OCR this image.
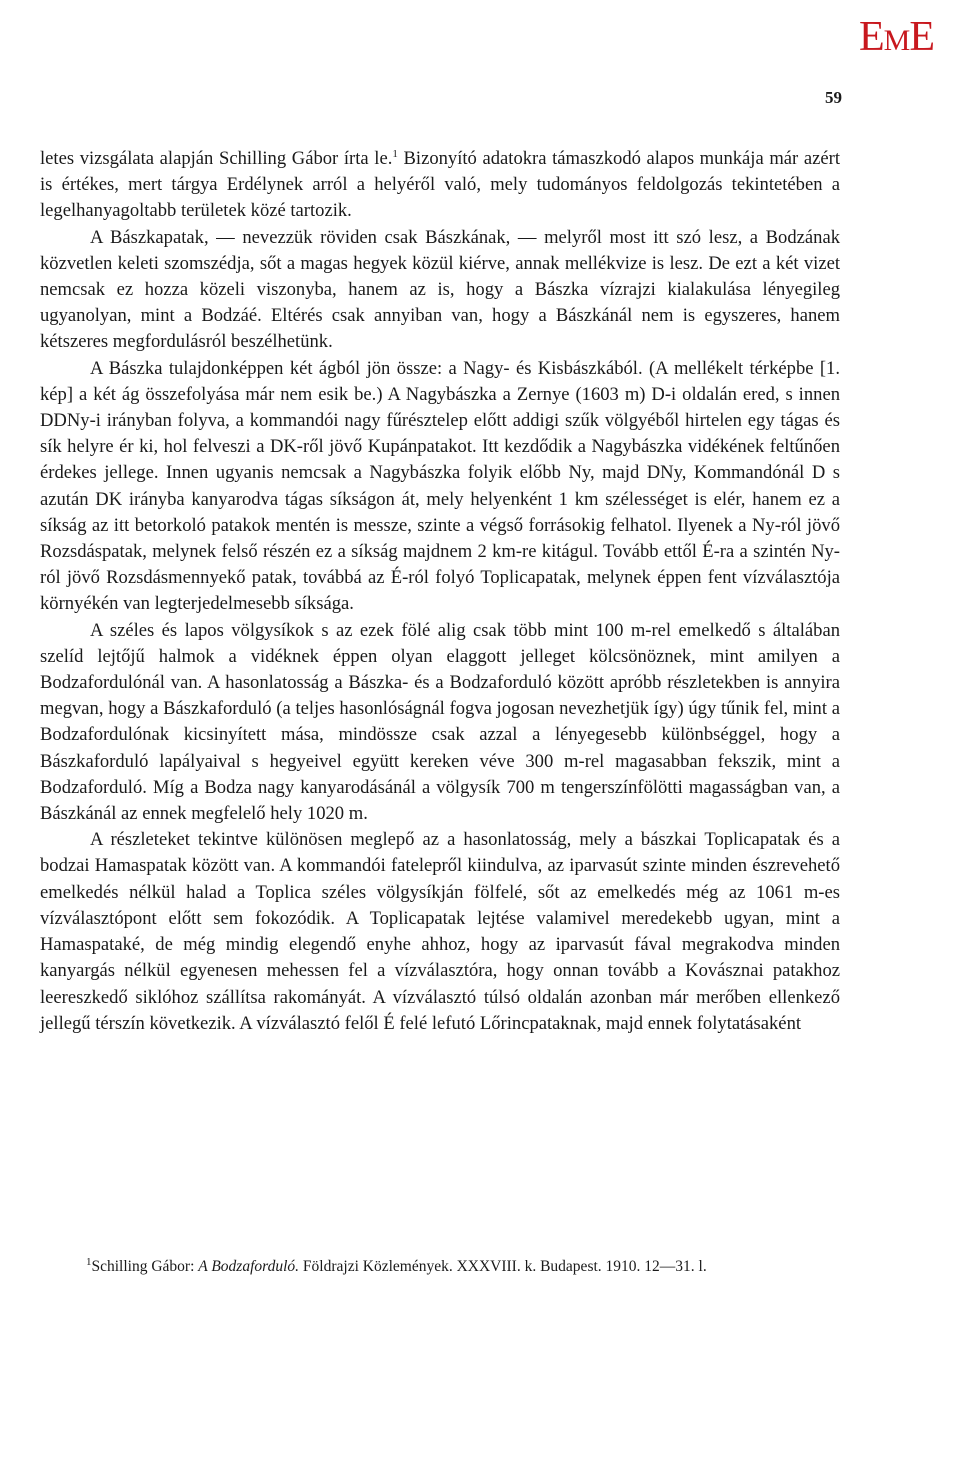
EME
59

letes vizsgálata alapján Schilling Gábor írta le.$^1$ Bizonyító adatokra támaszkodó alapos munkája már azért is értékes, mert tárgya Erdélynek arról a helyéről való, mely tudományos feldolgozás tekintetében a legelhanyagoltabb területek közé tartozik.

A Bászkapatak, — nevezzük röviden csak Bászkának, — melyről most itt szó lesz, a Bodzának közvetlen keleti szomszédja, sőt a magas hegyek közül kiérve, annak mellékvize is lesz. De ezt a két vizet nemcsak ez hozza közeli viszonyba, hanem az is, hogy a Bászka vízrajzi kialakulása lényegileg ugyanolyan, mint a Bodzáé. Eltérés csak annyiban van, hogy a Bászkánál nem is egyszeres, hanem kétszeres megfordulásról beszélhetünk.

A Bászka tulajdonképpen két ágból jön össze: a Nagy- és Kisbászkából. (A mellékelt térképbe [1. kép] a két ág összefolyása már nem esik be.) A Nagybászka a Zernye (1603 m) D-i oldalán ered, s innen DDNy-i irányban folyva, a kommandói nagy fűrésztelep előtt addigi szűk völgyéből hirtelen egy tágas és sík helyre ér ki, hol felveszi a DK-ről jövő Kupánpatakot. Itt kezdődik a Nagybászka vidékének feltűnően érdekes jellege. Innen ugyanis nemcsak a Nagybászka folyik előbb Ny, majd DNy, Kommandónál D s azután DK irányba kanyarodva tágas síkságon át, mely helyenként 1 km szélességet is elér, hanem ez a síkság az itt betorkoló patakok mentén is messze, szinte a végső forrásokig felhatol. Ilyenek a Ny-ról jövő Rozsdáspatak, melynek felső részén ez a síkság majdnem 2 km-re kitágul. Tovább ettől É-ra a szintén Ny-ról jövő Rozsdásmennyekő patak, továbbá az É-ról folyó Toplicapatak, melynek éppen fent vízválasztója környékén van legterjedelmesebb síksága.

A széles és lapos völgysíkok s az ezek fölé alig csak több mint 100 m-rel emelkedő s általában szelíd lejtőjű halmok a vidéknek éppen olyan elaggott jelleget kölcsönöznek, mint amilyen a Bodzafordulónál van. A hasonlatosság a Bászka- és a Bodzaforduló között apróbb részletekben is annyira megvan, hogy a Bászkaforduló (a teljes hasonlóságnál fogva jogosan nevezhetjük így) úgy tűnik fel, mint a Bodzafordulónak kicsinyített mása, mindössze csak azzal a lényegesebb különbséggel, hogy a Bászkaforduló lapályaival s hegyeivel együtt kereken véve 300 m-rel magasabban fekszik, mint a Bodzaforduló. Míg a Bodza nagy kanyarodásánál a völgysík 700 m tengerszínfölötti magasságban van, a Bászkánál az ennek megfelelő hely 1020 m.

A részleteket tekintve különösen meglepő az a hasonlatosság, mely a bászkai Toplicapatak és a bodzai Hamaspatak között van. A kommandói fatelepről kiindulva, az iparvasút szinte minden észrevehető emelkedés nélkül halad a Toplica széles völgysíkján fölfelé, sőt az emelkedés még az 1061 m-es vízválasztópont előtt sem fokozódik. A Toplicapatak lejtése valamivel meredekebb ugyan, mint a Hamaspataké, de még mindig elegendő enyhe ahhoz, hogy az iparvasút fával megrakodva minden kanyargás nélkül egyenesen mehessen fel a vízválasztóra, hogy onnan tovább a Kovásznai patakhoz leereszkedő siklóhoz szállítsa rakományát. A vízválasztó túlsó oldalán azonban már merőben ellenkező jellegű térszín következik. A vízválasztó felől É felé lefutó Lőrincpataknak, majd ennek folytatásaként

$^1$Schilling Gábor: A Bodzaforduló. Földrajzi Közlemények. XXXVIII. k. Budapest. 1910. 12—31. l.
